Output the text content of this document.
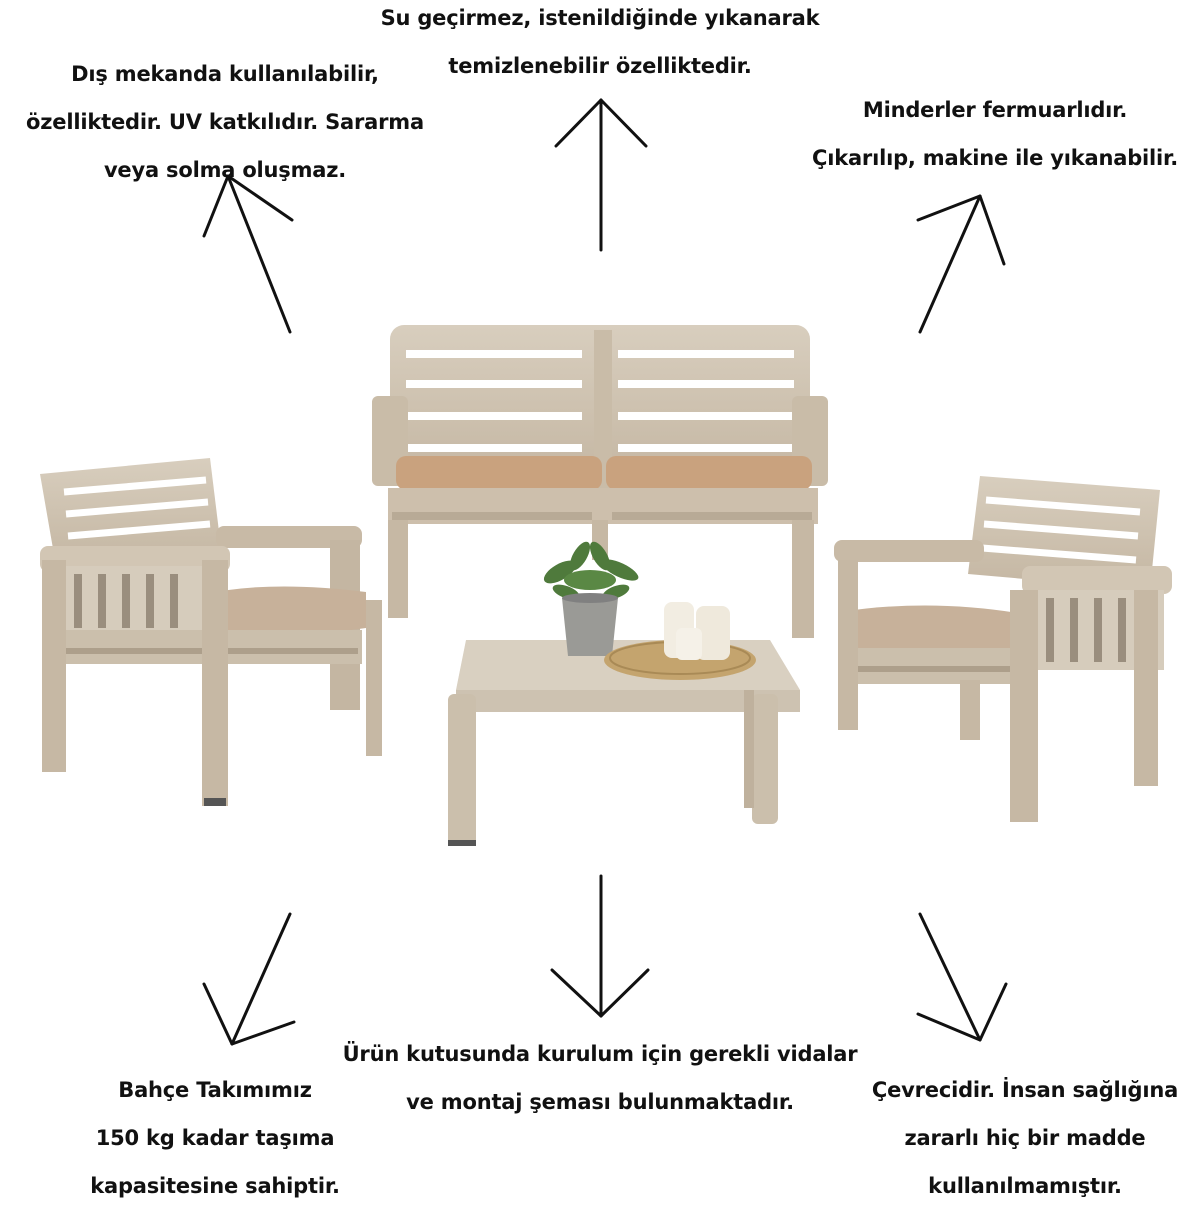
Su geçirmez, istenildiğinde yıkanarak
temizlenebilir özelliktedir.
Dış mekanda kullanılabilir,
özelliktedir. UV katkılıdır. Sararma
veya solma oluşmaz.
Minderler fermuarlıdır.
Çıkarılıp, makine ile yıkanabilir.
Bahçe Takımımız
150 kg kadar taşıma
kapasitesine sahiptir.
Ürün kutusunda kurulum için gerekli vidalar
ve montaj şeması bulunmaktadır.	Çevrecidir. İnsan sağlığına
zararlı hiç bir madde
kullanılmamıştır.
